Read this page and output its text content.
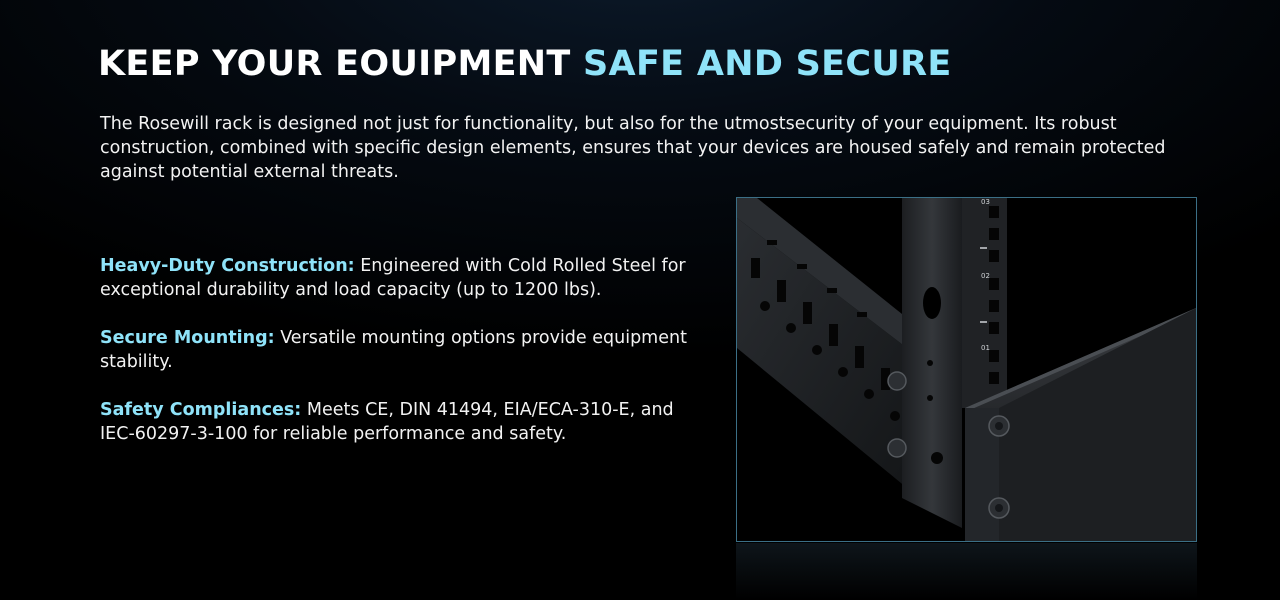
KEEP YOUR EOUIPMENT SAFE AND SECURE

The Rosewill rack is designed not just for functionality, but also for the utmostsecurity of your equipment. Its robust construction, combined with specific design elements, ensures that your devices are housed safely and remain protected against potential external threats.

Heavy-Duty Construction: Engineered with Cold Rolled Steel for exceptional durability and load capacity (up to 1200 lbs).

Secure Mounting: Versatile mounting options provide equipment stability.

Safety Compliances: Meets CE, DIN 41494, EIA/ECA-310-E, and IEC-60297-3-100 for reliable performance and safety.

03
02
01
